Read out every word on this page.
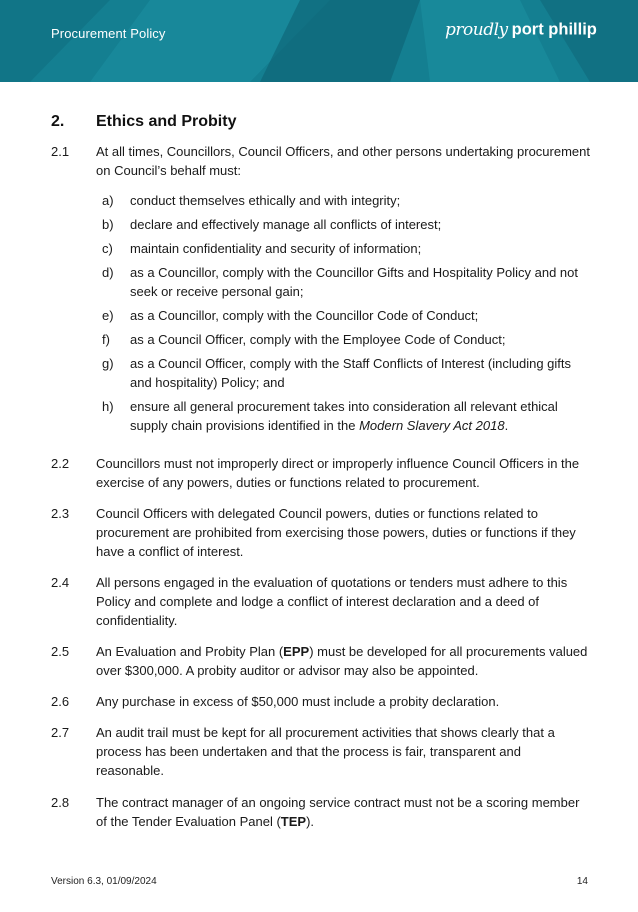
Procurement Policy	proudly port phillip
2. Ethics and Probity
2.1 At all times, Councillors, Council Officers, and other persons undertaking procurement on Council’s behalf must:
a) conduct themselves ethically and with integrity;
b) declare and effectively manage all conflicts of interest;
c) maintain confidentiality and security of information;
d) as a Councillor, comply with the Councillor Gifts and Hospitality Policy and not seek or receive personal gain;
e) as a Councillor, comply with the Councillor Code of Conduct;
f) as a Council Officer, comply with the Employee Code of Conduct;
g) as a Council Officer, comply with the Staff Conflicts of Interest (including gifts and hospitality) Policy; and
h) ensure all general procurement takes into consideration all relevant ethical supply chain provisions identified in the Modern Slavery Act 2018.
2.2 Councillors must not improperly direct or improperly influence Council Officers in the exercise of any powers, duties or functions related to procurement.
2.3 Council Officers with delegated Council powers, duties or functions related to procurement are prohibited from exercising those powers, duties or functions if they have a conflict of interest.
2.4 All persons engaged in the evaluation of quotations or tenders must adhere to this Policy and complete and lodge a conflict of interest declaration and a deed of confidentiality.
2.5 An Evaluation and Probity Plan (EPP) must be developed for all procurements valued over $300,000. A probity auditor or advisor may also be appointed.
2.6 Any purchase in excess of $50,000 must include a probity declaration.
2.7 An audit trail must be kept for all procurement activities that shows clearly that a process has been undertaken and that the process is fair, transparent and reasonable.
2.8 The contract manager of an ongoing service contract must not be a scoring member of the Tender Evaluation Panel (TEP).
Version 6.3, 01/09/2024	14
